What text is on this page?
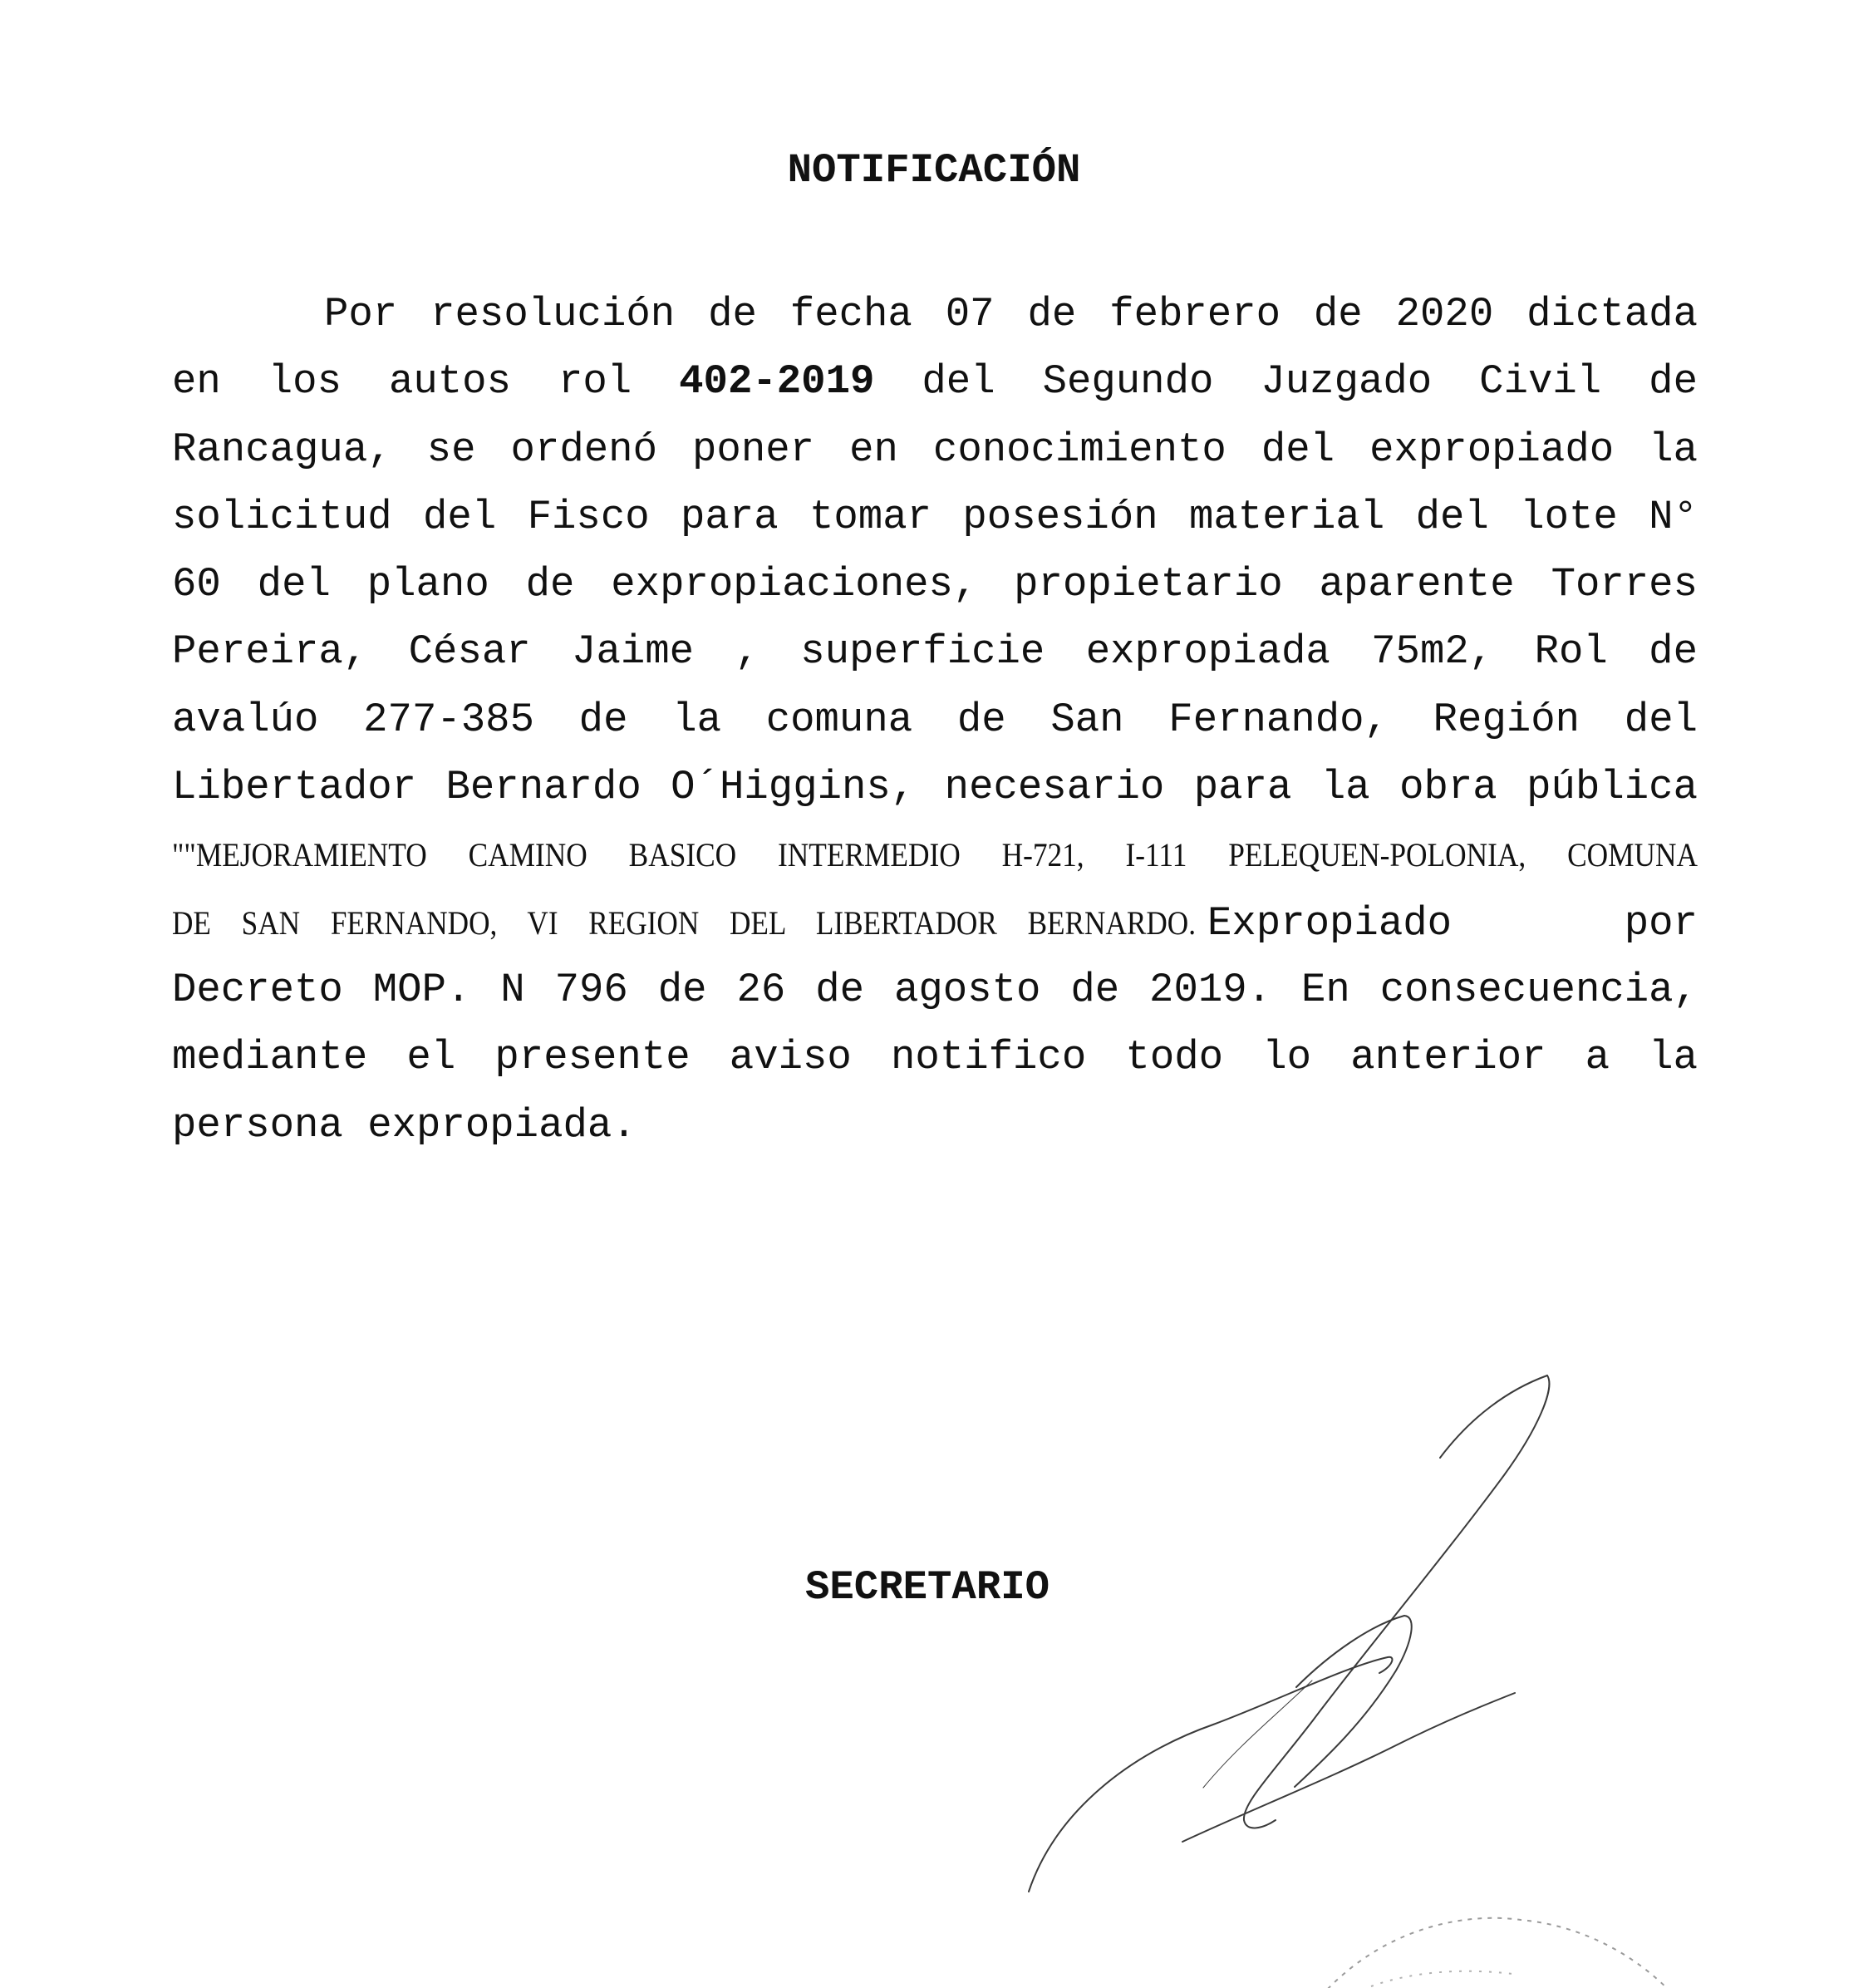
NOTIFICACIÓN
Por resolución de fecha 07 de febrero de 2020 dictada
en los autos rol 402-2019 del Segundo Juzgado Civil de
Rancagua, se ordenó poner en conocimiento del expropiado la
solicitud del Fisco para tomar posesión material del lote N°
60 del plano de expropiaciones, propietario aparente Torres
Pereira, César Jaime , superficie expropiada 75m2, Rol de
avalúo 277-385 de la comuna de San Fernando, Región del
Libertador Bernardo O´Higgins, necesario para la obra pública
""MEJORAMIENTO CAMINO BASICO INTERMEDIO H-721, I-111 PELEQUEN-POLONIA, COMUNA
DE SAN FERNANDO, VI REGION DEL LIBERTADOR BERNARDO. Expropiado por
Decreto MOP. N 796 de 26 de agosto de 2019. En consecuencia,
mediante el presente aviso notifico todo lo anterior a la
persona expropiada.
SECRETARIO
